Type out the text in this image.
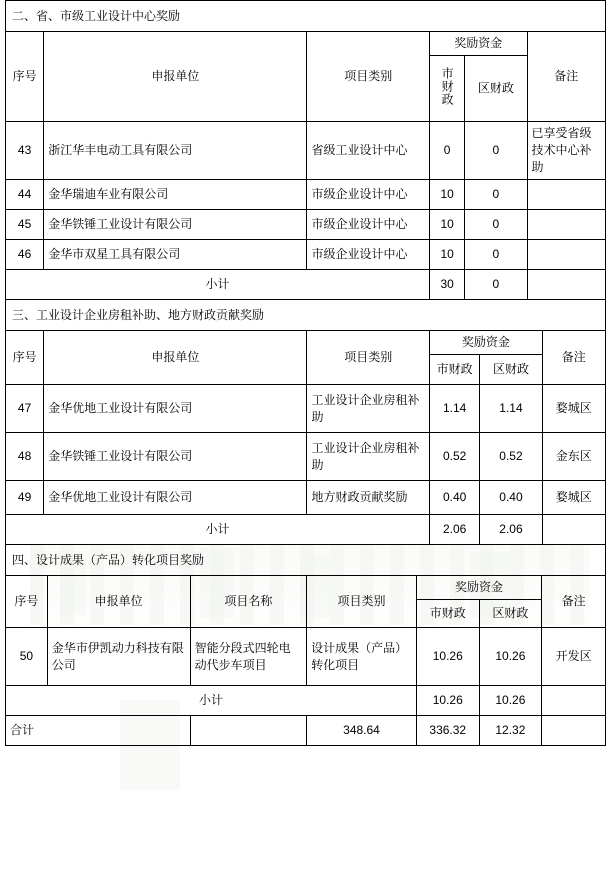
二、省、市级工业设计中心奖励					
序号	申报单位	项目类别	奖励资金		备注
			市财政	区财政	
43	浙江华丰电动工具有限公司	省级工业设计中心	0	0	已享受省级技术中心补助
44	金华瑞迪车业有限公司	市级企业设计中心	10	0	
45	金华铁锤工业设计有限公司	市级企业设计中心	10	0	
46	金华市双星工具有限公司	市级企业设计中心	10	0	
小计			30	0	
三、工业设计企业房租补助、地方财政贡献奖励					
序号	申报单位	项目类别	奖励资金		备注
			市财政	区财政	
47	金华优地工业设计有限公司	工业设计企业房租补助	1.14	1.14	婺城区
48	金华铁锤工业设计有限公司	工业设计企业房租补助	0.52	0.52	金东区
49	金华优地工业设计有限公司	地方财政贡献奖励	0.40	0.40	婺城区
小计			2.06	2.06	
四、设计成果（产品）转化项目奖励						
序号	申报单位	项目名称	项目类别	奖励资金		备注
				市财政	区财政	
50	金华市伊凯动力科技有限公司	智能分段式四轮电动代步车项目	设计成果（产品）转化项目	10.26	10.26	开发区
小计				10.26	10.26	
合计			348.64	336.32	12.32	
